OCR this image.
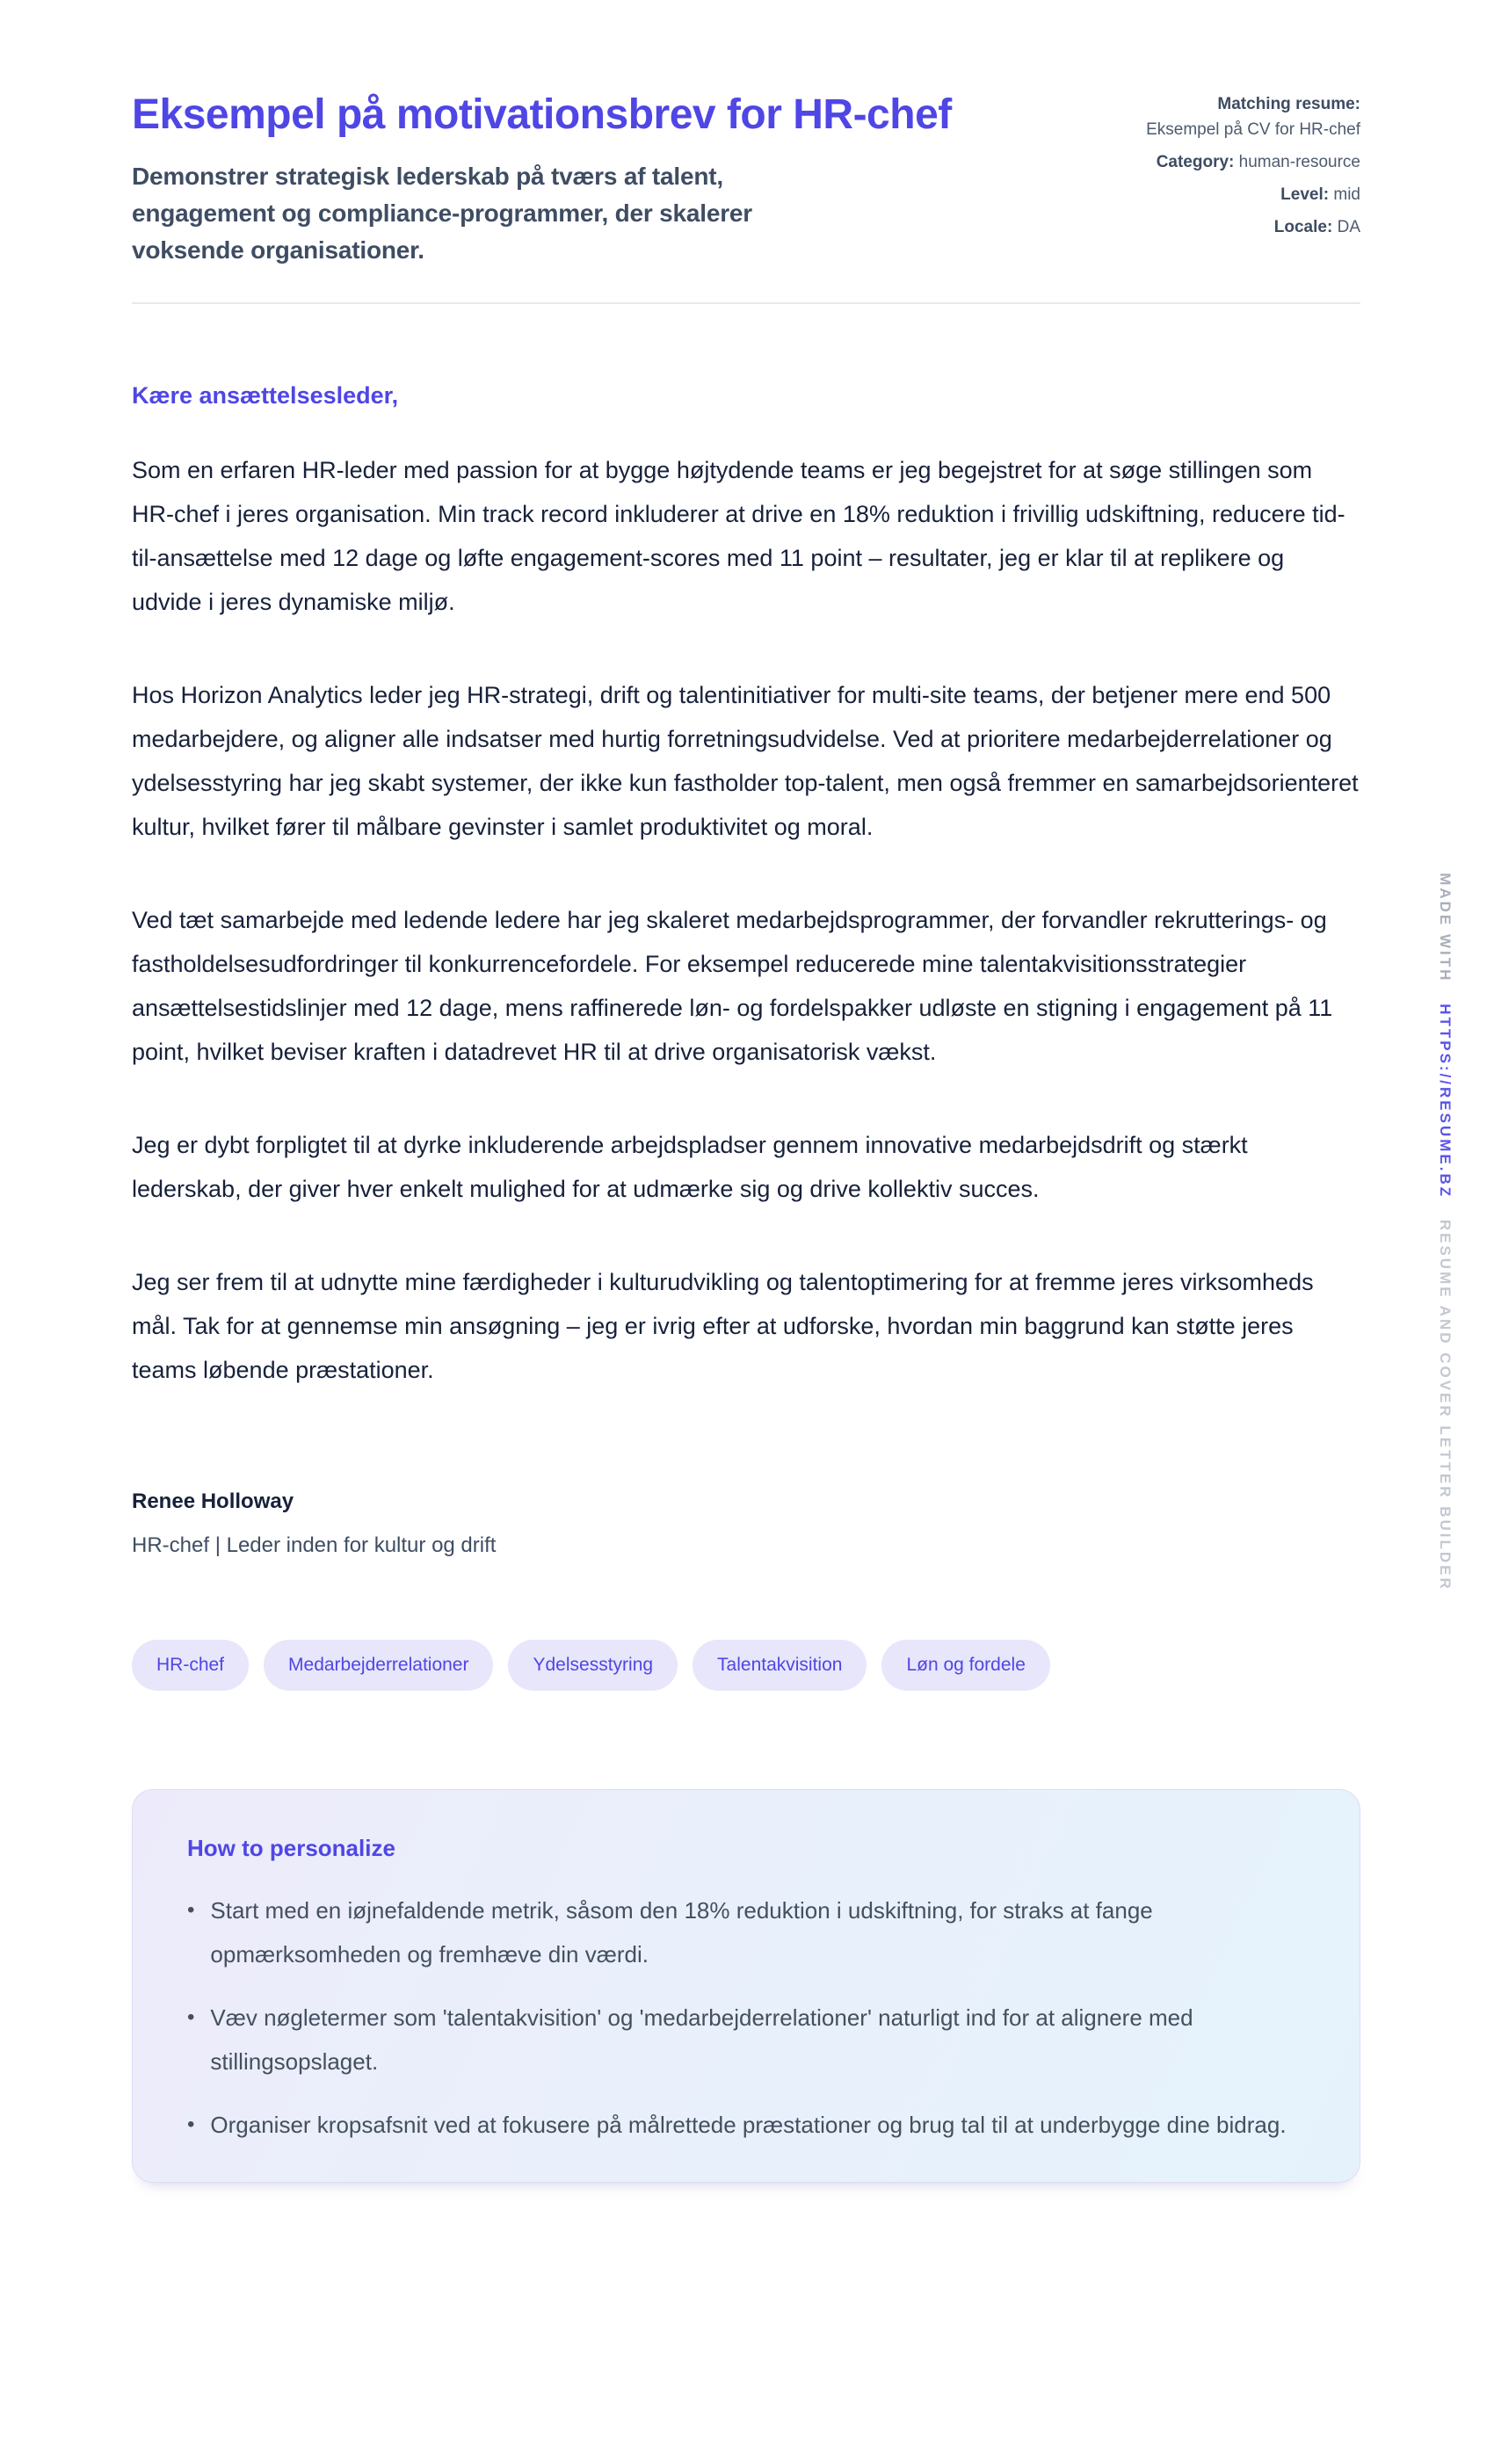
Eksempel på motivationsbrev for HR-chef
Demonstrer strategisk lederskab på tværs af talent, engagement og compliance-programmer, der skalerer voksende organisationer.
Matching resume: Eksempel på CV for HR-chef
Category: human-resource
Level: mid
Locale: DA
Kære ansættelsesleder,

Som en erfaren HR-leder med passion for at bygge højtydende teams er jeg begejstret for at søge stillingen som HR-chef i jeres organisation. Min track record inkluderer at drive en 18% reduktion i frivillig udskiftning, reducere tid-til-ansættelse med 12 dage og løfte engagement-scores med 11 point – resultater, jeg er klar til at replikere og udvide i jeres dynamiske miljø.

Hos Horizon Analytics leder jeg HR-strategi, drift og talentinitiativer for multi-site teams, der betjener mere end 500 medarbejdere, og aligner alle indsatser med hurtig forretningsudvidelse. Ved at prioritere medarbejderrelationer og ydelsesstyring har jeg skabt systemer, der ikke kun fastholder top-talent, men også fremmer en samarbejdsorienteret kultur, hvilket fører til målbare gevinster i samlet produktivitet og moral.

Ved tæt samarbejde med ledende ledere har jeg skaleret medarbejdsprogrammer, der forvandler rekrutterings- og fastholdelsesudfordringer til konkurrencefordele. For eksempel reducerede mine talentakvisitionsstrategier ansættelsestidslinjer med 12 dage, mens raffinerede løn- og fordelspakker udløste en stigning i engagement på 11 point, hvilket beviser kraften i datadrevet HR til at drive organisatorisk vækst.

Jeg er dybt forpligtet til at dyrke inkluderende arbejdspladser gennem innovative medarbejdsdrift og stærkt lederskab, der giver hver enkelt mulighed for at udmærke sig og drive kollektiv succes.

Jeg ser frem til at udnytte mine færdigheder i kulturudvikling og talentoptimering for at fremme jeres virksomheds mål. Tak for at gennemse min ansøgning – jeg er ivrig efter at udforske, hvordan min baggrund kan støtte jeres teams løbende præstationer.

Renee Holloway
HR-chef | Leder inden for kultur og drift
HR-chef	Medarbejderrelationer	Ydelsesstyring	Talentakvisition	Løn og fordele
How to personalize
• Start med en iøjnefaldende metrik, såsom den 18% reduktion i udskiftning, for straks at fange opmærksomheden og fremhæve din værdi.
• Væv nøgletermer som 'talentakvisition' og 'medarbejderrelationer' naturligt ind for at alignere med stillingsopslaget.
• Organiser kropsafsnit ved at fokusere på målrettede præstationer og brug tal til at underbygge dine bidrag.
MADE WITH HTTPS://RESUME.BZ RESUME AND COVER LETTER BUILDER
